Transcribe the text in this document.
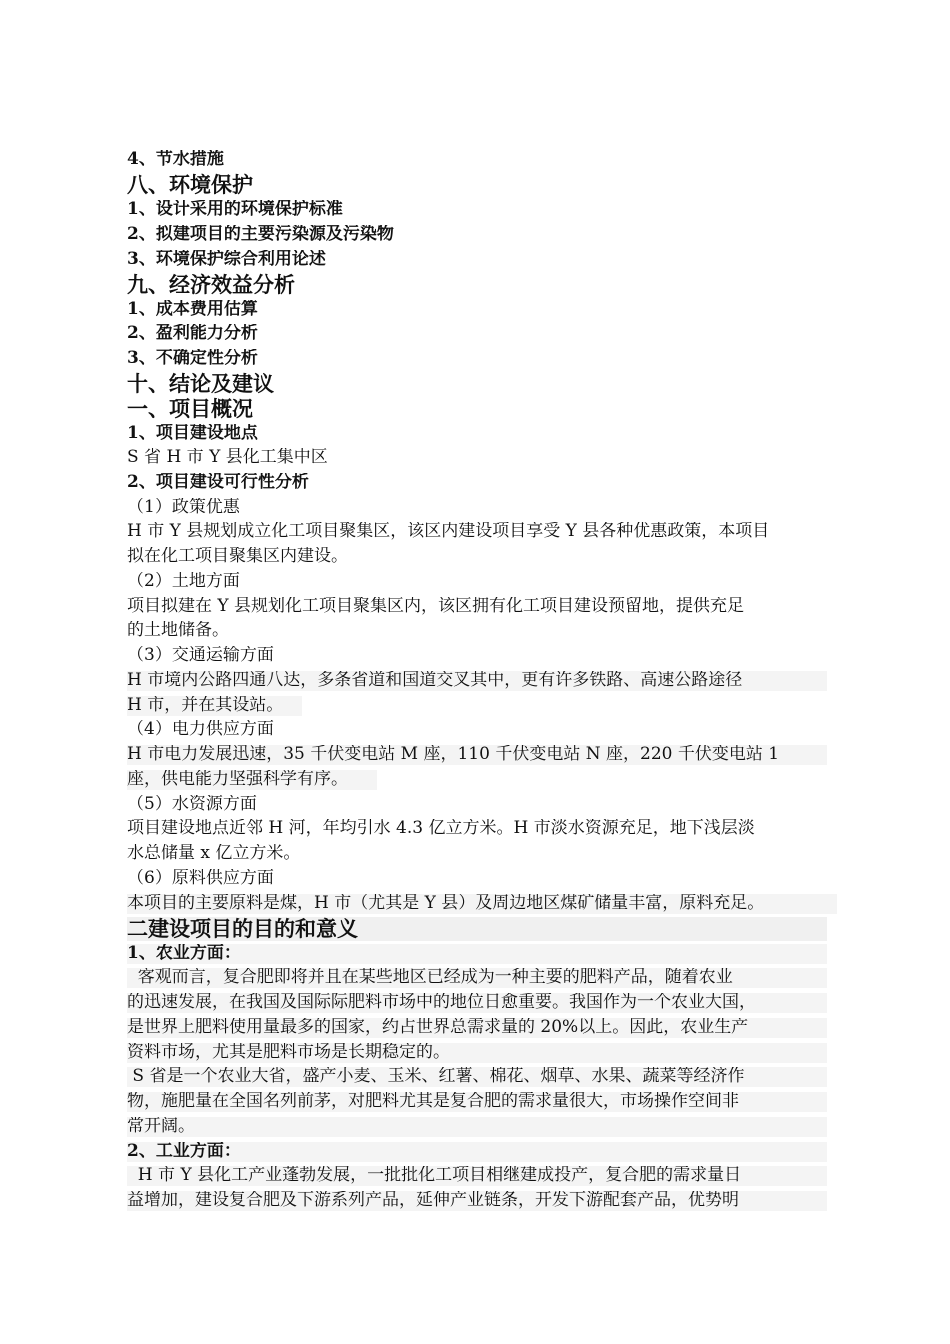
4、节水措施
八、环境保护
1、设计采用的环境保护标准
2、拟建项目的主要污染源及污染物
3、环境保护综合利用论述
九、经济效益分析
1、成本费用估算
2、盈利能力分析
3、不确定性分析
十、结论及建议
一、项目概况
1、项目建设地点
S 省 H 市 Y 县化工集中区
2、项目建设可行性分析
（1）政策优惠
H 市 Y 县规划成立化工项目聚集区，该区内建设项目享受 Y 县各种优惠政策，本项目
拟在化工项目聚集区内建设。
（2）土地方面
项目拟建在 Y 县规划化工项目聚集区内，该区拥有化工项目建设预留地，提供充足
的土地储备。
（3）交通运输方面
H 市境内公路四通八达，多条省道和国道交叉其中，更有许多铁路、高速公路途径
H 市，并在其设站。
（4）电力供应方面
H 市电力发展迅速，35 千伏变电站 M 座，110 千伏变电站 N 座，220 千伏变电站 1
座，供电能力坚强科学有序。
（5）水资源方面
项目建设地点近邻 H 河，年均引水 4.3 亿立方米。H 市淡水资源充足，地下浅层淡
水总储量 x 亿立方米。
（6）原料供应方面
本项目的主要原料是煤，H 市（尤其是 Y 县）及周边地区煤矿储量丰富，原料充足。
二建设项目的目的和意义
1、农业方面：
客观而言，复合肥即将并且在某些地区已经成为一种主要的肥料产品，随着农业
的迅速发展，在我国及国际际肥料市场中的地位日愈重要。我国作为一个农业大国，
是世界上肥料使用量最多的国家，约占世界总需求量的 20%以上。因此，农业生产
资料市场，尤其是肥料市场是长期稳定的。
S 省是一个农业大省，盛产小麦、玉米、红薯、棉花、烟草、水果、蔬菜等经济作
物，施肥量在全国名列前茅，对肥料尤其是复合肥的需求量很大，市场操作空间非
常开阔。
2、工业方面：
H 市 Y 县化工产业蓬勃发展，一批批化工项目相继建成投产，复合肥的需求量日
益增加，建设复合肥及下游系列产品，延伸产业链条，开发下游配套产品，优势明
